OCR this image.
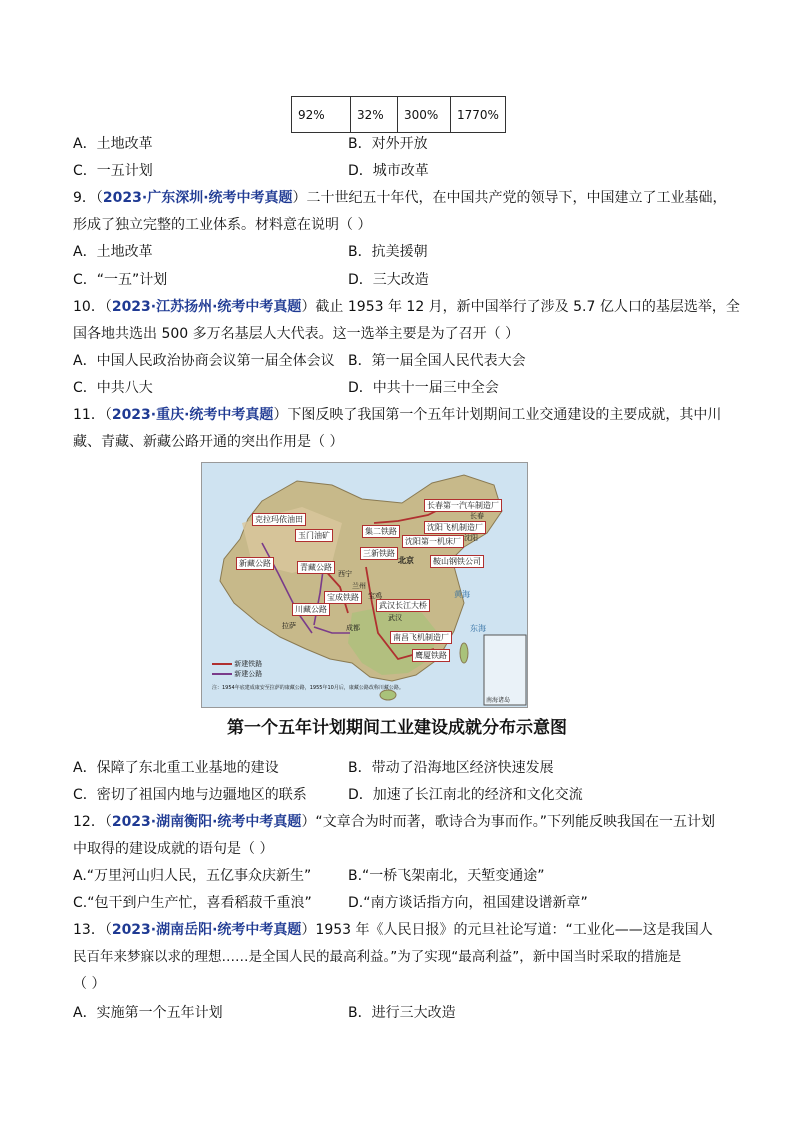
92%	32%	300%	1770%
A．土地改革	B．对外开放
C．一五计划	D．城市改革
9．（2023·广东深圳·统考中考真题）二十世纪五十年代，在中国共产党的领导下，中国建立了工业基础，
形成了独立完整的工业体系。材料意在说明（ ）
A．土地改革	B．抗美援朝
C．“一五”计划	D．三大改造
10．（2023·江苏扬州·统考中考真题）截止 1953 年 12 月，新中国举行了涉及 5.7 亿人口的基层选举，全
国各地共选出 500 多万名基层人大代表。这一选举主要是为了召开（ ）
A．中国人民政治协商会议第一届全体会议 B．第一届全国人民代表大会
C．中共八大	D．中共十一届三中全会
11．（2023·重庆·统考中考真题）下图反映了我国第一个五年计划期间工业交通建设的主要成就，其中川
藏、青藏、新藏公路开通的突出作用是（ ）
克拉玛依油田
玉门油矿
新藏公路	青藏公路
川藏公路
宝成铁路
武汉长江大桥
南昌飞机制造厂
鹰厦铁路
长春第一汽车制造厂
沈阳飞机制造厂
沈阳第一机床厂
鞍山钢铁公司
集二铁路
三新铁路
北京
西宁
兰州
拉萨	成都
武汉
宝鸡
长春
沈阳
黄海
东海
新建铁路
新建公路
注：1954年底建成康安至拉萨的康藏公路，1955年10月后，康藏公路改称川藏公路。
南海诸岛
第一个五年计划期间工业建设成就分布示意图
A．保障了东北重工业基地的建设	B．带动了沿海地区经济快速发展
C．密切了祖国内地与边疆地区的联系	D．加速了长江南北的经济和文化交流
12．（2023·湖南衡阳·统考中考真题）“文章合为时而著，歌诗合为事而作。”下列能反映我国在一五计划
中取得的建设成就的语句是（ ）
A.“万里河山归人民，五亿事众庆新生”	B.“一桥飞架南北，天堑变通途”
C.“包干到户生产忙，喜看稻菽千重浪”	D.“南方谈话指方向，祖国建设谱新章”
13．（2023·湖南岳阳·统考中考真题）1953 年《人民日报》的元旦社论写道：“工业化——这是我国人
民百年来梦寐以求的理想……是全国人民的最高利益。”为了实现“最高利益”，新中国当时采取的措施是
（ ）
A．实施第一个五年计划	B．进行三大改造
